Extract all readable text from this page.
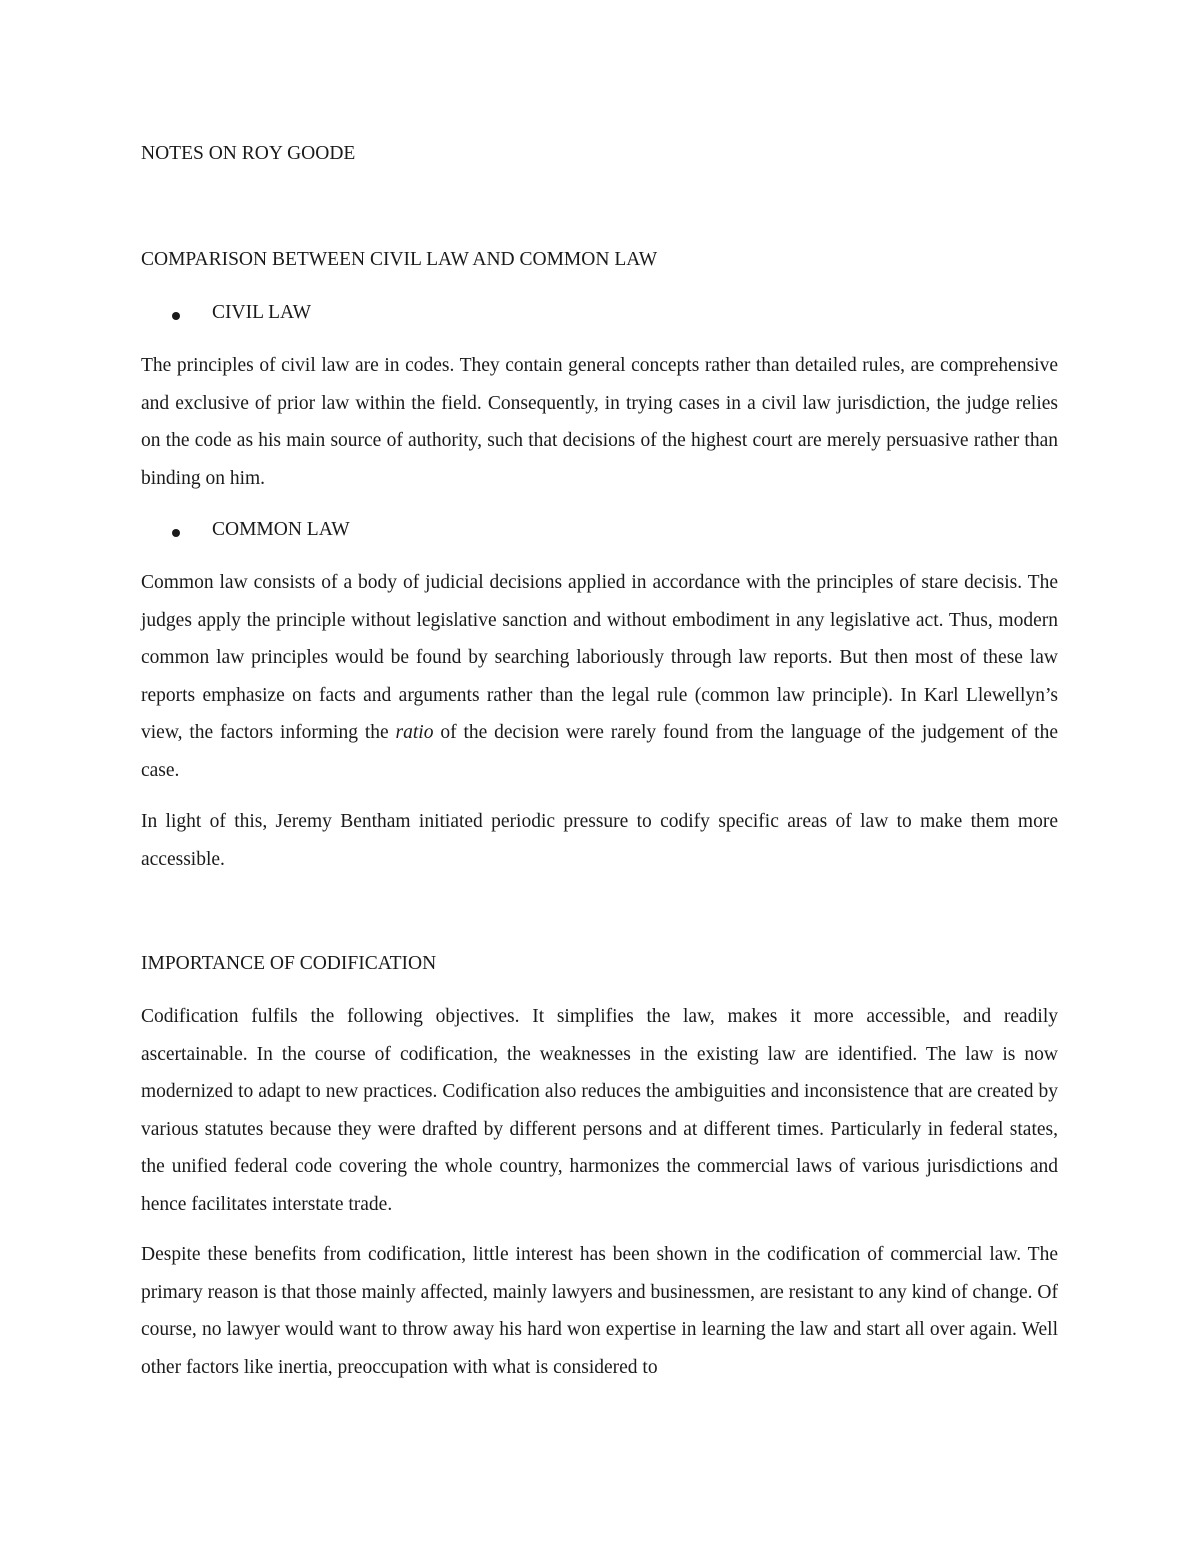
NOTES ON ROY GOODE
COMPARISON BETWEEN CIVIL LAW AND COMMON LAW
CIVIL LAW

The principles of civil law are in codes. They contain general concepts rather than detailed rules, are comprehensive and exclusive of prior law within the field. Consequently, in trying cases in a civil law jurisdiction, the judge relies on the code as his main source of authority, such that decisions of the highest court are merely persuasive rather than binding on him.

COMMON LAW

Common law consists of a body of judicial decisions applied in accordance with the principles of stare decisis. The judges apply the principle without legislative sanction and without embodiment in any legislative act. Thus, modern common law principles would be found by searching laboriously through law reports. But then most of these law reports emphasize on facts and arguments rather than the legal rule (common law principle). In Karl Llewellyn’s view, the factors informing the ratio of the decision were rarely found from the language of the judgement of the case.

In light of this, Jeremy Bentham initiated periodic pressure to codify specific areas of law to make them more accessible.

IMPORTANCE OF CODIFICATION

Codification fulfils the following objectives. It simplifies the law, makes it more accessible, and readily ascertainable. In the course of codification, the weaknesses in the existing law are identified. The law is now modernized to adapt to new practices. Codification also reduces the ambiguities and inconsistence that are created by various statutes because they were drafted by different persons and at different times. Particularly in federal states, the unified federal code covering the whole country, harmonizes the commercial laws of various jurisdictions and hence facilitates interstate trade.

Despite these benefits from codification, little interest has been shown in the codification of commercial law. The primary reason is that those mainly affected, mainly lawyers and businessmen, are resistant to any kind of change. Of course, no lawyer would want to throw away his hard won expertise in learning the law and start all over again. Well other factors like inertia, preoccupation with what is considered to
